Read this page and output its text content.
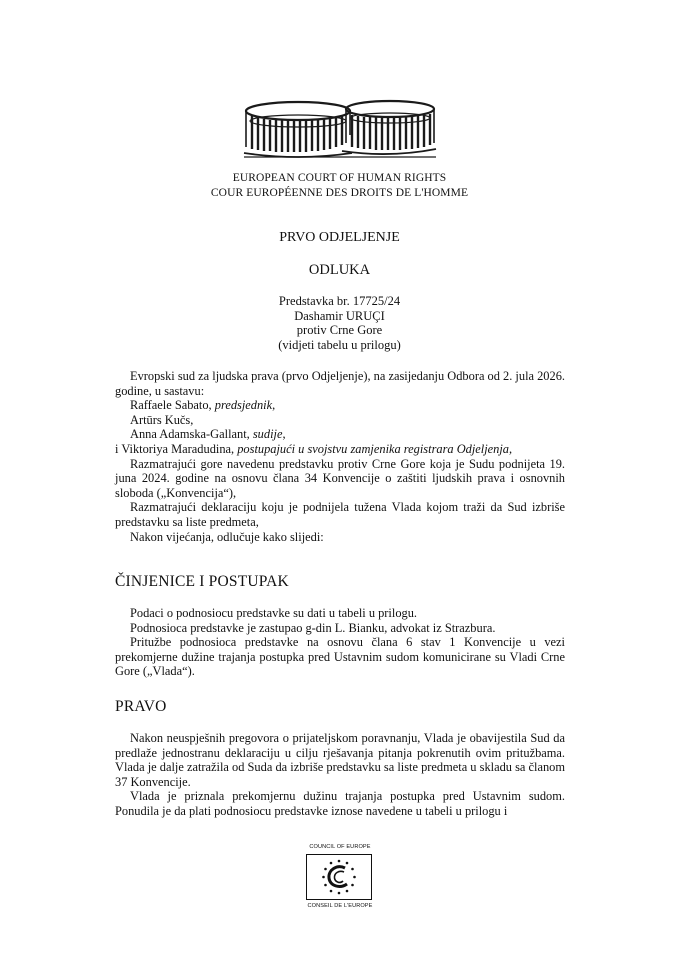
EUROPEAN COURT OF HUMAN RIGHTS
COUR EUROPÉENNE DES DROITS DE L'HOMME
PRVO ODJELJENJE
ODLUKA
Predstavka br. 17725/24
Dashamir URUÇI
protiv Crne Gore
(vidjeti tabelu u prilogu)

Evropski sud za ljudska prava (prvo Odjeljenje), na zasijedanju Odbora od 2. jula 2026. godine, u sastavu:

Raffaele Sabato, predsjednik,
Artūrs Kučs,
Anna Adamska-Gallant, sudije,
i Viktoriya Maradudina, postupajući u svojstvu zamjenika registrara Odjeljenja,

Razmatrajući gore navedenu predstavku protiv Crne Gore koja je Sudu podnijeta 19. juna 2024. godine na osnovu člana 34 Konvencije o zaštiti ljudskih prava i osnovnih sloboda („Konvencija“),

Razmatrajući deklaraciju koju je podnijela tužena Vlada kojom traži da Sud izbriše predstavku sa liste predmeta,

Nakon vijećanja, odlučuje kako slijedi:

ČINJENICE I POSTUPAK

Podaci o podnosiocu predstavke su dati u tabeli u prilogu.

Podnosioca predstavke je zastupao g-din L. Bianku, advokat iz Strazbura.

Pritužbe podnosioca predstavke na osnovu člana 6 stav 1 Konvencije u vezi prekomjerne dužine trajanja postupka pred Ustavnim sudom komunicirane su Vladi Crne Gore („Vlada“).

PRAVO

Nakon neuspješnih pregovora o prijateljskom poravnanju, Vlada je obavijestila Sud da predlaže jednostranu deklaraciju u cilju rješavanja pitanja pokrenutih ovim pritužbama. Vlada je dalje zatražila od Suda da izbriše predstavku sa liste predmeta u skladu sa članom 37 Konvencije.

Vlada je priznala prekomjernu dužinu trajanja postupka pred Ustavnim sudom. Ponudila je da plati podnosiocu predstavke iznose navedene u tabeli u prilogu i

COUNCIL OF EUROPE
CONSEIL DE L'EUROPE
